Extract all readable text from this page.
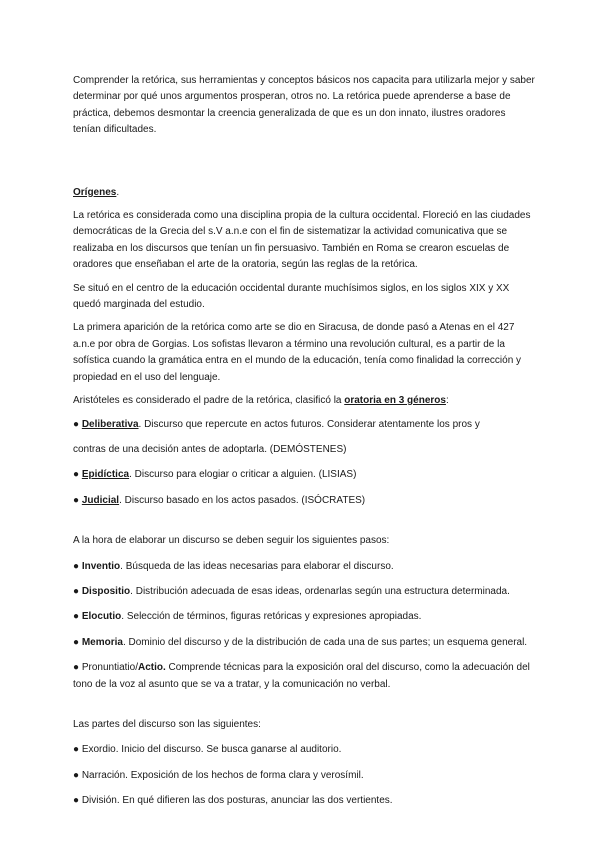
Comprender la retórica, sus herramientas y conceptos básicos nos capacita para utilizarla mejor y saber determinar por qué unos argumentos prosperan, otros no. La retórica puede aprenderse a base de práctica, debemos desmontar la creencia generalizada de que es un don innato, ilustres oradores tenían dificultades.

Orígenes.

La retórica es considerada como una disciplina propia de la cultura occidental. Floreció en las ciudades democráticas de la Grecia del s.V a.n.e con el fin de sistematizar la actividad comunicativa que se realizaba en los discursos que tenían un fin persuasivo. También en Roma se crearon escuelas de oradores que enseñaban el arte de la oratoria, según las reglas de la retórica.

Se situó en el centro de la educación occidental durante muchísimos siglos, en los siglos XIX y XX quedó marginada del estudio.

La primera aparición de la retórica como arte se dio en Siracusa, de donde pasó a Atenas en el 427 a.n.e por obra de Gorgias. Los sofistas llevaron a término una revolución cultural, es a partir de la sofística cuando la gramática entra en el mundo de la educación, tenía como finalidad la corrección y propiedad en el uso del lenguaje.

Aristóteles es considerado el padre de la retórica, clasificó la oratoria en 3 géneros:

● Deliberativa. Discurso que repercute en actos futuros. Considerar atentamente los pros y

contras de una decisión antes de adoptarla. (DEMÓSTENES)

● Epidíctica. Discurso para elogiar o criticar a alguien. (LISIAS)

● Judicial. Discurso basado en los actos pasados. (ISÓCRATES)

A la hora de elaborar un discurso se deben seguir los siguientes pasos:

● Inventio. Búsqueda de las ideas necesarias para elaborar el discurso.

● Dispositio. Distribución adecuada de esas ideas, ordenarlas según una estructura determinada.

● Elocutio. Selección de términos, figuras retóricas y expresiones apropiadas.

● Memoria. Dominio del discurso y de la distribución de cada una de sus partes; un esquema general.

● Pronuntiatio/Actio. Comprende técnicas para la exposición oral del discurso, como la adecuación del tono de la voz al asunto que se va a tratar, y la comunicación no verbal.

Las partes del discurso son las siguientes:

● Exordio. Inicio del discurso. Se busca ganarse al auditorio.

● Narración. Exposición de los hechos de forma clara y verosímil.

● División. En qué difieren las dos posturas, anunciar las dos vertientes.
